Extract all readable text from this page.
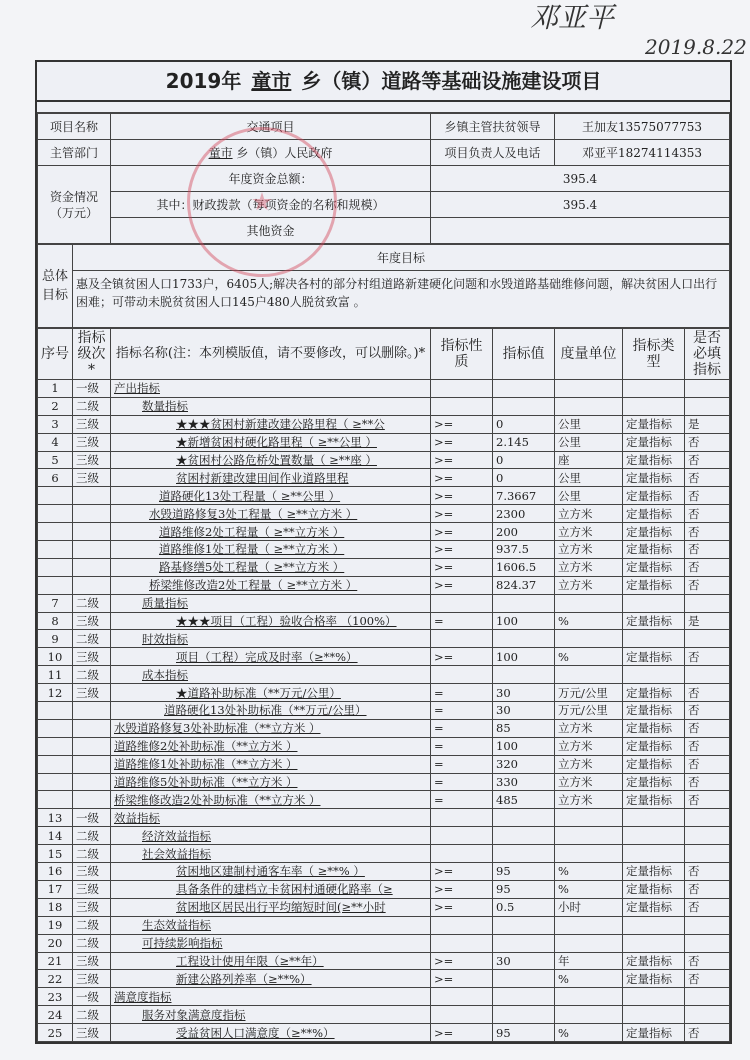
邓亚平
2019.8.22
2019年 童市 乡（镇）道路等基础设施建设项目
项目名称	交通项目	乡镇主管扶贫领导	王加友13575077753
主管部门	童市 乡（镇）人民政府	项目负责人及电话	邓亚平18274114353
资金情况（万元）	年度资金总额：	395.4	
	其中：财政拨款（每项资金的名称和规模）	395.4	
	其他资金		
总体目标	年度目标
惠及全镇贫困人口1733户，6405人;解决各村的部分村组道路新建硬化问题和水毁道路基础维修问题，解决贫困人口出行困难；可带动未脱贫贫困人口145户480人脱贫致富 。
序号	指标级次*	指标名称(注：本列模版值，请不要修改，可以删除。)*	指标性质	指标值	度量单位	指标类型	是否必填指标
1	一级	产出指标					
2	二级	数量指标					
3	三级	★★★贫困村新建改建公路里程（ ≥**公	>=	0	公里	定量指标	是
4	三级	★新增贫困村硬化路里程（ ≥**公里 ）	>=	2.145	公里	定量指标	否
5	三级	★贫困村公路危桥处置数量（ ≥**座 ）	>=	0	座	定量指标	否
6	三级	贫困村新建改建田间作业道路里程	>=	0	公里	定量指标	否
		道路硬化13处工程量（ ≥**公里 ）	>=	7.3667	公里	定量指标	否
		水毁道路修复3处工程量（ ≥**立方米 ）	>=	2300	立方米	定量指标	否
		道路维修2处工程量（ ≥**立方米 ）	>=	200	立方米	定量指标	否
		道路维修1处工程量（ ≥**立方米 ）	>=	937.5	立方米	定量指标	否
		路基修缮5处工程量（ ≥**立方米 ）	>=	1606.5	立方米	定量指标	否
		桥梁维修改造2处工程量（ ≥**立方米 ）	>=	824.37	立方米	定量指标	否
7	二级	质量指标					
8	三级	★★★项目（工程）验收合格率 （100%）	=	100	%	定量指标	是
9	二级	时效指标					
10	三级	项目（工程）完成及时率（≥**%）	>=	100	%	定量指标	否
11	二级	成本指标					
12	三级	★道路补助标准（**万元/公里）	=	30	万元/公里	定量指标	否
		道路硬化13处补助标准（**万元/公里）	=	30	万元/公里	定量指标	否
		水毁道路修复3处补助标准（**立方米 ）	=	85	立方米	定量指标	否
		道路维修2处补助标准（**立方米 ）	=	100	立方米	定量指标	否
		道路维修1处补助标准（**立方米 ）	=	320	立方米	定量指标	否
		道路维修5处补助标准（**立方米 ）	=	330	立方米	定量指标	否
		桥梁维修改造2处补助标准（**立方米 ）	=	485	立方米	定量指标	否
13	一级	效益指标					
14	二级	经济效益指标					
15	二级	社会效益指标					
16	三级	贫困地区建制村通客车率（ ≥**% ）	>=	95	%	定量指标	否
17	三级	具备条件的建档立卡贫困村通硬化路率（≥	>=	95	%	定量指标	否
18	三级	贫困地区居民出行平均缩短时间(≥**小时	>=	0.5	小时	定量指标	否
19	二级	生态效益指标					
20	二级	可持续影响指标					
21	三级	工程设计使用年限（≥**年）	>=	30	年	定量指标	否
22	三级	新建公路列养率（≥**%）	>=		%	定量指标	否
23	一级	满意度指标					
24	二级	服务对象满意度指标					
25	三级	受益贫困人口满意度（≥**%）	>=	95	%	定量指标	否
